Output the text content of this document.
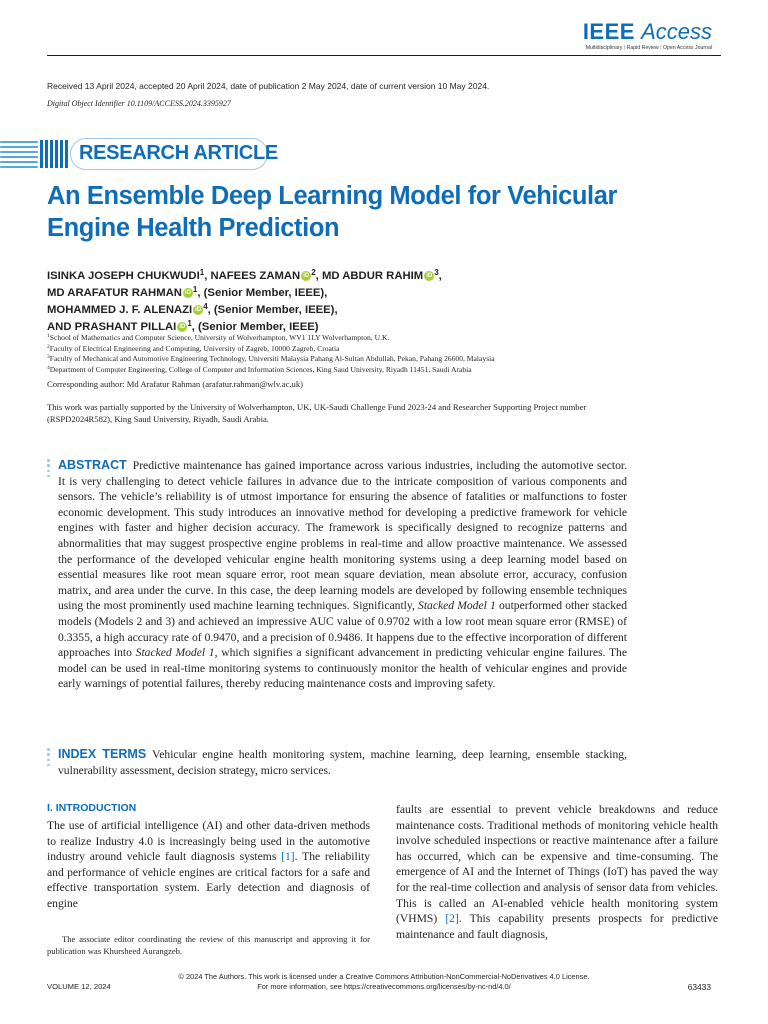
IEEE Access
Multidisciplinary ⁞ Rapid Review ⁞ Open Access Journal
Received 13 April 2024, accepted 20 April 2024, date of publication 2 May 2024, date of current version 10 May 2024.
Digital Object Identifier 10.1109/ACCESS.2024.3395927
RESEARCH ARTICLE
An Ensemble Deep Learning Model for Vehicular Engine Health Prediction
ISINKA JOSEPH CHUKWUDI$^1$, NAFEES ZAMAN iD $^2$, MD ABDUR RAHIM iD $^3$,
MD ARAFATUR RAHMAN iD $^1$, (Senior Member, IEEE),
MOHAMMED J. F. ALENAZI iD $^4$, (Senior Member, IEEE),
AND PRASHANT PILLAI iD $^1$, (Senior Member, IEEE)
$^1$School of Mathematics and Computer Science, University of Wolverhampton, WV1 1LY Wolverhampton, U.K.
$^2$Faculty of Electrical Engineering and Computing, University of Zagreb, 10000 Zagreb, Croatia
$^3$Faculty of Mechanical and Automotive Engineering Technology, Universiti Malaysia Pahang Al-Sultan Abdullah, Pekan, Pahang 26600, Malaysia
$^4$Department of Computer Engineering, College of Computer and Information Sciences, King Saud University, Riyadh 11451, Saudi Arabia
Corresponding author: Md Arafatur Rahman (arafatur.rahman@wlv.ac.uk)
This work was partially supported by the University of Wolverhampton, UK, UK-Saudi Challenge Fund 2023-24 and Researcher Supporting Project number (RSPD2024R582), King Saud University, Riyadh, Saudi Arabia.
ABSTRACT Predictive maintenance has gained importance across various industries, including the automotive sector. It is very challenging to detect vehicle failures in advance due to the intricate composition of various components and sensors. The vehicle’s reliability is of utmost importance for ensuring the absence of fatalities or malfunctions to foster economic development. This study introduces an innovative method for developing a predictive framework for vehicle engines with faster and higher decision accuracy. The framework is specifically designed to recognize patterns and abnormalities that may suggest prospective engine problems in real-time and allow proactive maintenance. We assessed the performance of the developed vehicular engine health monitoring systems using a deep learning model based on essential measures like root mean square error, root mean square deviation, mean absolute error, accuracy, confusion matrix, and area under the curve. In this case, the deep learning models are developed by following ensemble techniques using the most prominently used machine learning techniques. Significantly, Stacked Model 1 outperformed other stacked models (Models 2 and 3) and achieved an impressive AUC value of 0.9702 with a low root mean square error (RMSE) of 0.3355, a high accuracy rate of 0.9470, and a precision of 0.9486. It happens due to the effective incorporation of different approaches into Stacked Model 1, which signifies a significant advancement in predicting vehicular engine failures. The model can be used in real-time monitoring systems to continuously monitor the health of vehicular engines and provide early warnings of potential failures, thereby reducing maintenance costs and improving safety.
INDEX TERMS Vehicular engine health monitoring system, machine learning, deep learning, ensemble stacking, vulnerability assessment, decision strategy, micro services.
I. INTRODUCTION
The use of artificial intelligence (AI) and other data-driven methods to realize Industry 4.0 is increasingly being used in the automotive industry around vehicle fault diagnosis systems [1]. The reliability and performance of vehicle engines are critical factors for a safe and effective transportation system. Early detection and diagnosis of engine
faults are essential to prevent vehicle breakdowns and reduce maintenance costs. Traditional methods of monitoring vehicle health involve scheduled inspections or reactive maintenance after a failure has occurred, which can be expensive and time-consuming. The emergence of AI and the Internet of Things (IoT) has paved the way for the real-time collection and analysis of sensor data from vehicles. This is called an AI-enabled vehicle health monitoring system (VHMS) [2]. This capability presents prospects for predictive maintenance and fault diagnosis,
The associate editor coordinating the review of this manuscript and approving it for publication was Khursheed Aurangzeb.
© 2024 The Authors. This work is licensed under a Creative Commons Attribution-NonCommercial-NoDerivatives 4.0 License.
For more information, see https://creativecommons.org/licenses/by-nc-nd/4.0/
VOLUME 12, 2024	63433
